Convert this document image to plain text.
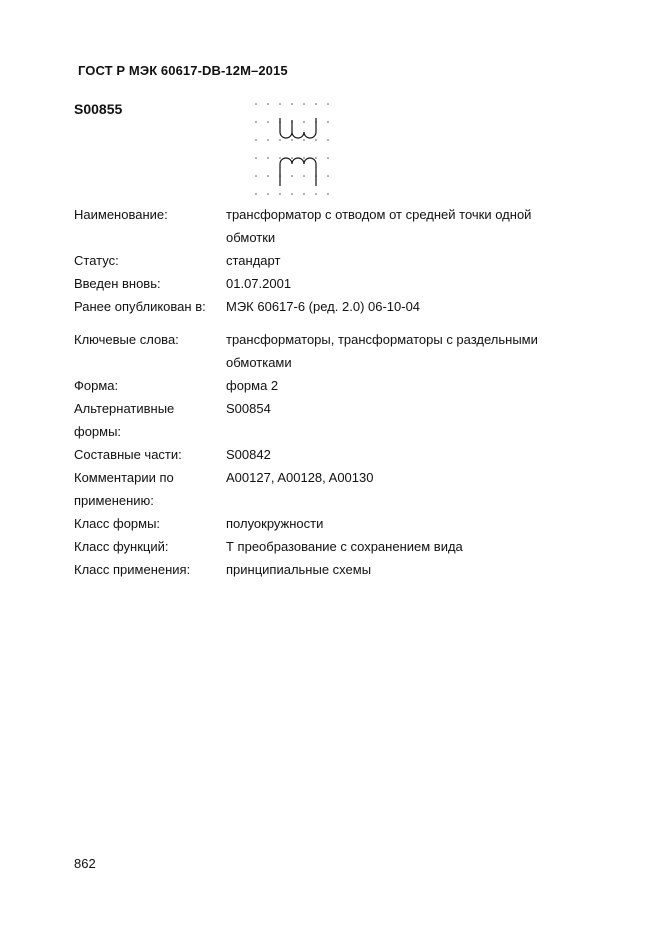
ГОСТ Р МЭК 60617-DB-12M–2015
S00855
Наименование:	трансформатор с отводом от средней точки одной
обмотки
Статус:	стандарт
Введен вновь:	01.07.2001
Ранее опубликован в:	МЭК 60617-6 (ред. 2.0) 06-10-04
Ключевые слова:	трансформаторы, трансформаторы с раздельными
обмотками
Форма:	форма 2
Альтернативные	S00854
формы:
Составные части:	S00842
Комментарии по	A00127, A00128, A00130
применению:
Класс формы:	полуокружности
Класс функций:	Т преобразование с сохранением вида
Класс применения:	принципиальные схемы
862
